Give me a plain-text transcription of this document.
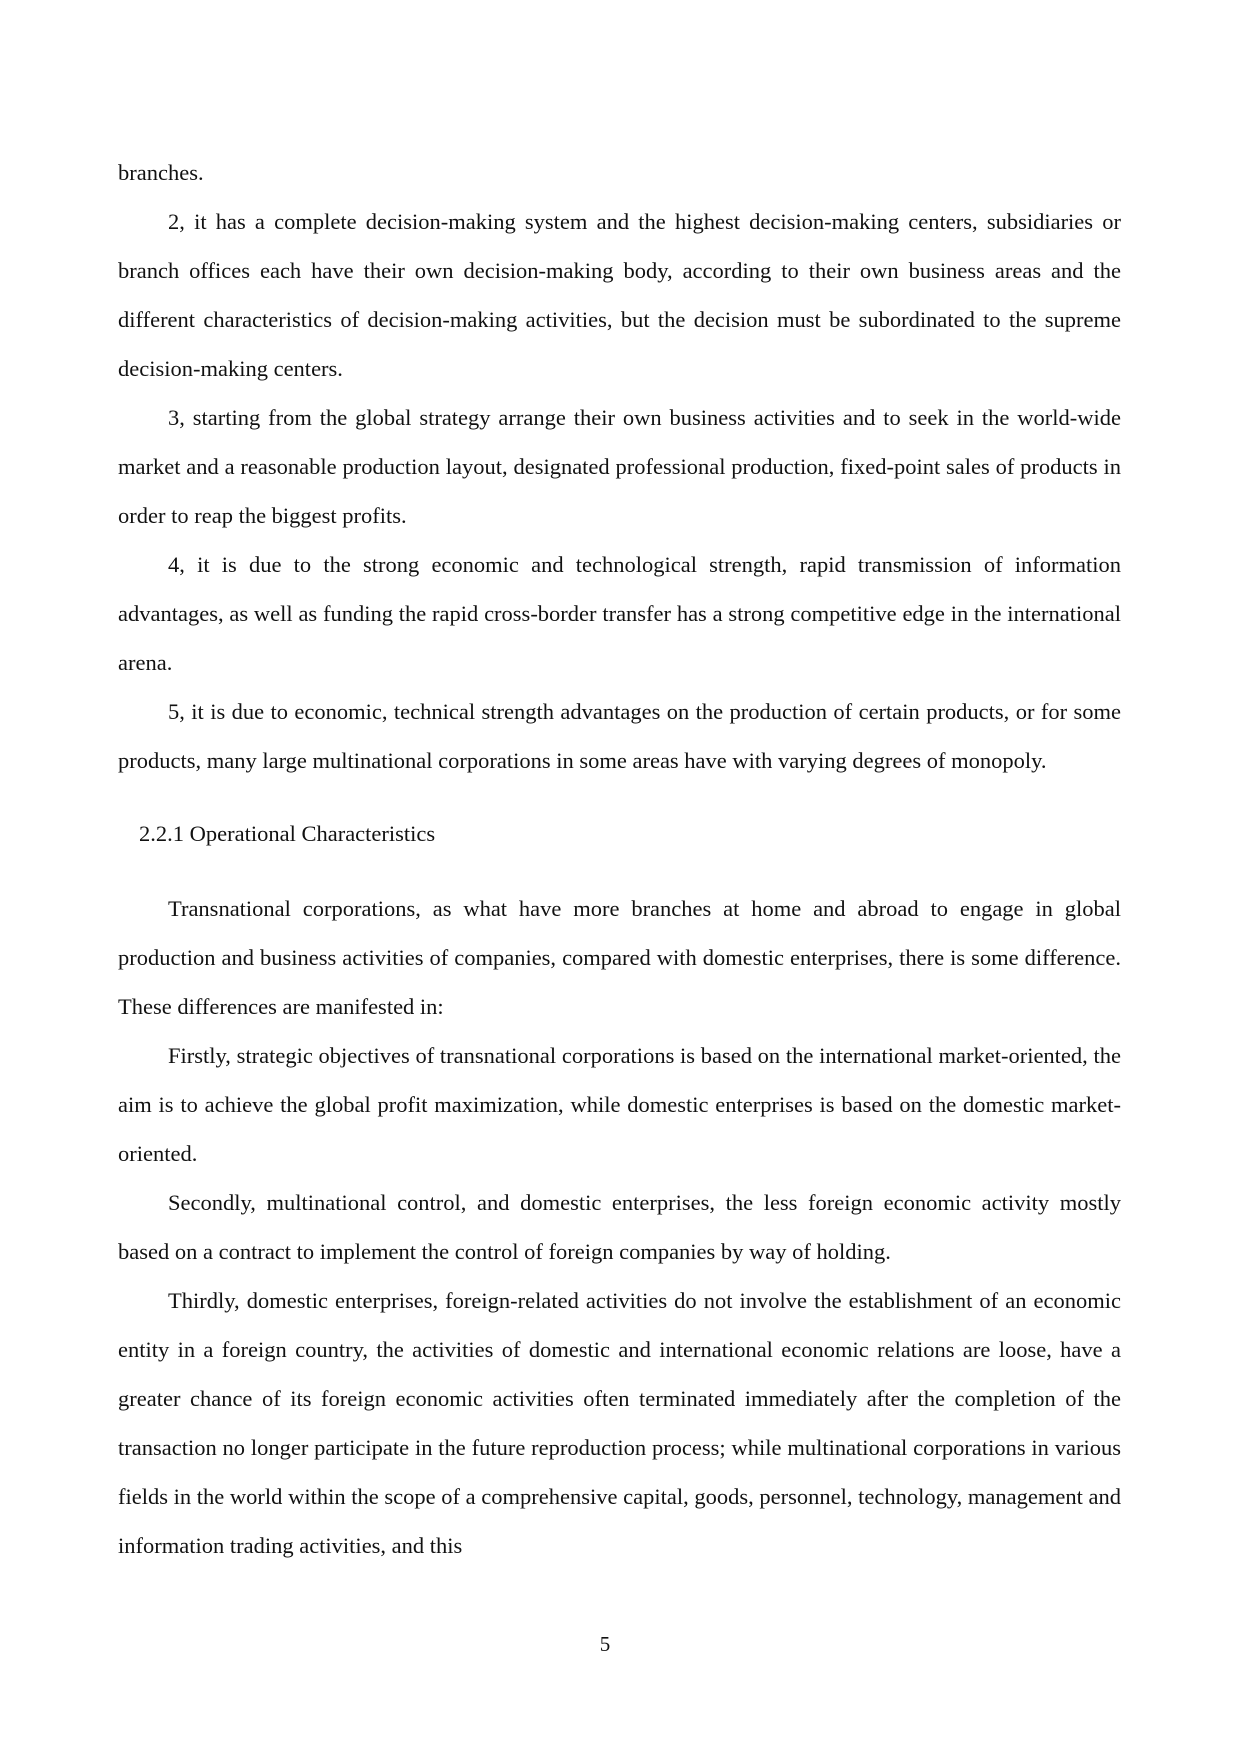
branches.

2, it has a complete decision-making system and the highest decision-making centers, subsidiaries or branch offices each have their own decision-making body, according to their own business areas and the different characteristics of decision-making activities, but the decision must be subordinated to the supreme decision-making centers.

3, starting from the global strategy arrange their own business activities and to seek in the world-wide market and a reasonable production layout, designated professional production, fixed-point sales of products in order to reap the biggest profits.

4, it is due to the strong economic and technological strength, rapid transmission of information advantages, as well as funding the rapid cross-border transfer has a strong competitive edge in the international arena.

5, it is due to economic, technical strength advantages on the production of certain products, or for some products, many large multinational corporations in some areas have with varying degrees of monopoly.

2.2.1 Operational Characteristics

Transnational corporations, as what have more branches at home and abroad to engage in global production and business activities of companies, compared with domestic enterprises, there is some difference. These differences are manifested in:

Firstly, strategic objectives of transnational corporations is based on the international market-oriented, the aim is to achieve the global profit maximization, while domestic enterprises is based on the domestic market-oriented.

Secondly, multinational control, and domestic enterprises, the less foreign economic activity mostly based on a contract to implement the control of foreign companies by way of holding.

Thirdly, domestic enterprises, foreign-related activities do not involve the establishment of an economic entity in a foreign country, the activities of domestic and international economic relations are loose, have a greater chance of its foreign economic activities often terminated immediately after the completion of the transaction no longer participate in the future reproduction process; while multinational corporations in various fields in the world within the scope of a comprehensive capital, goods, personnel, technology, management and information trading activities, and this

5
